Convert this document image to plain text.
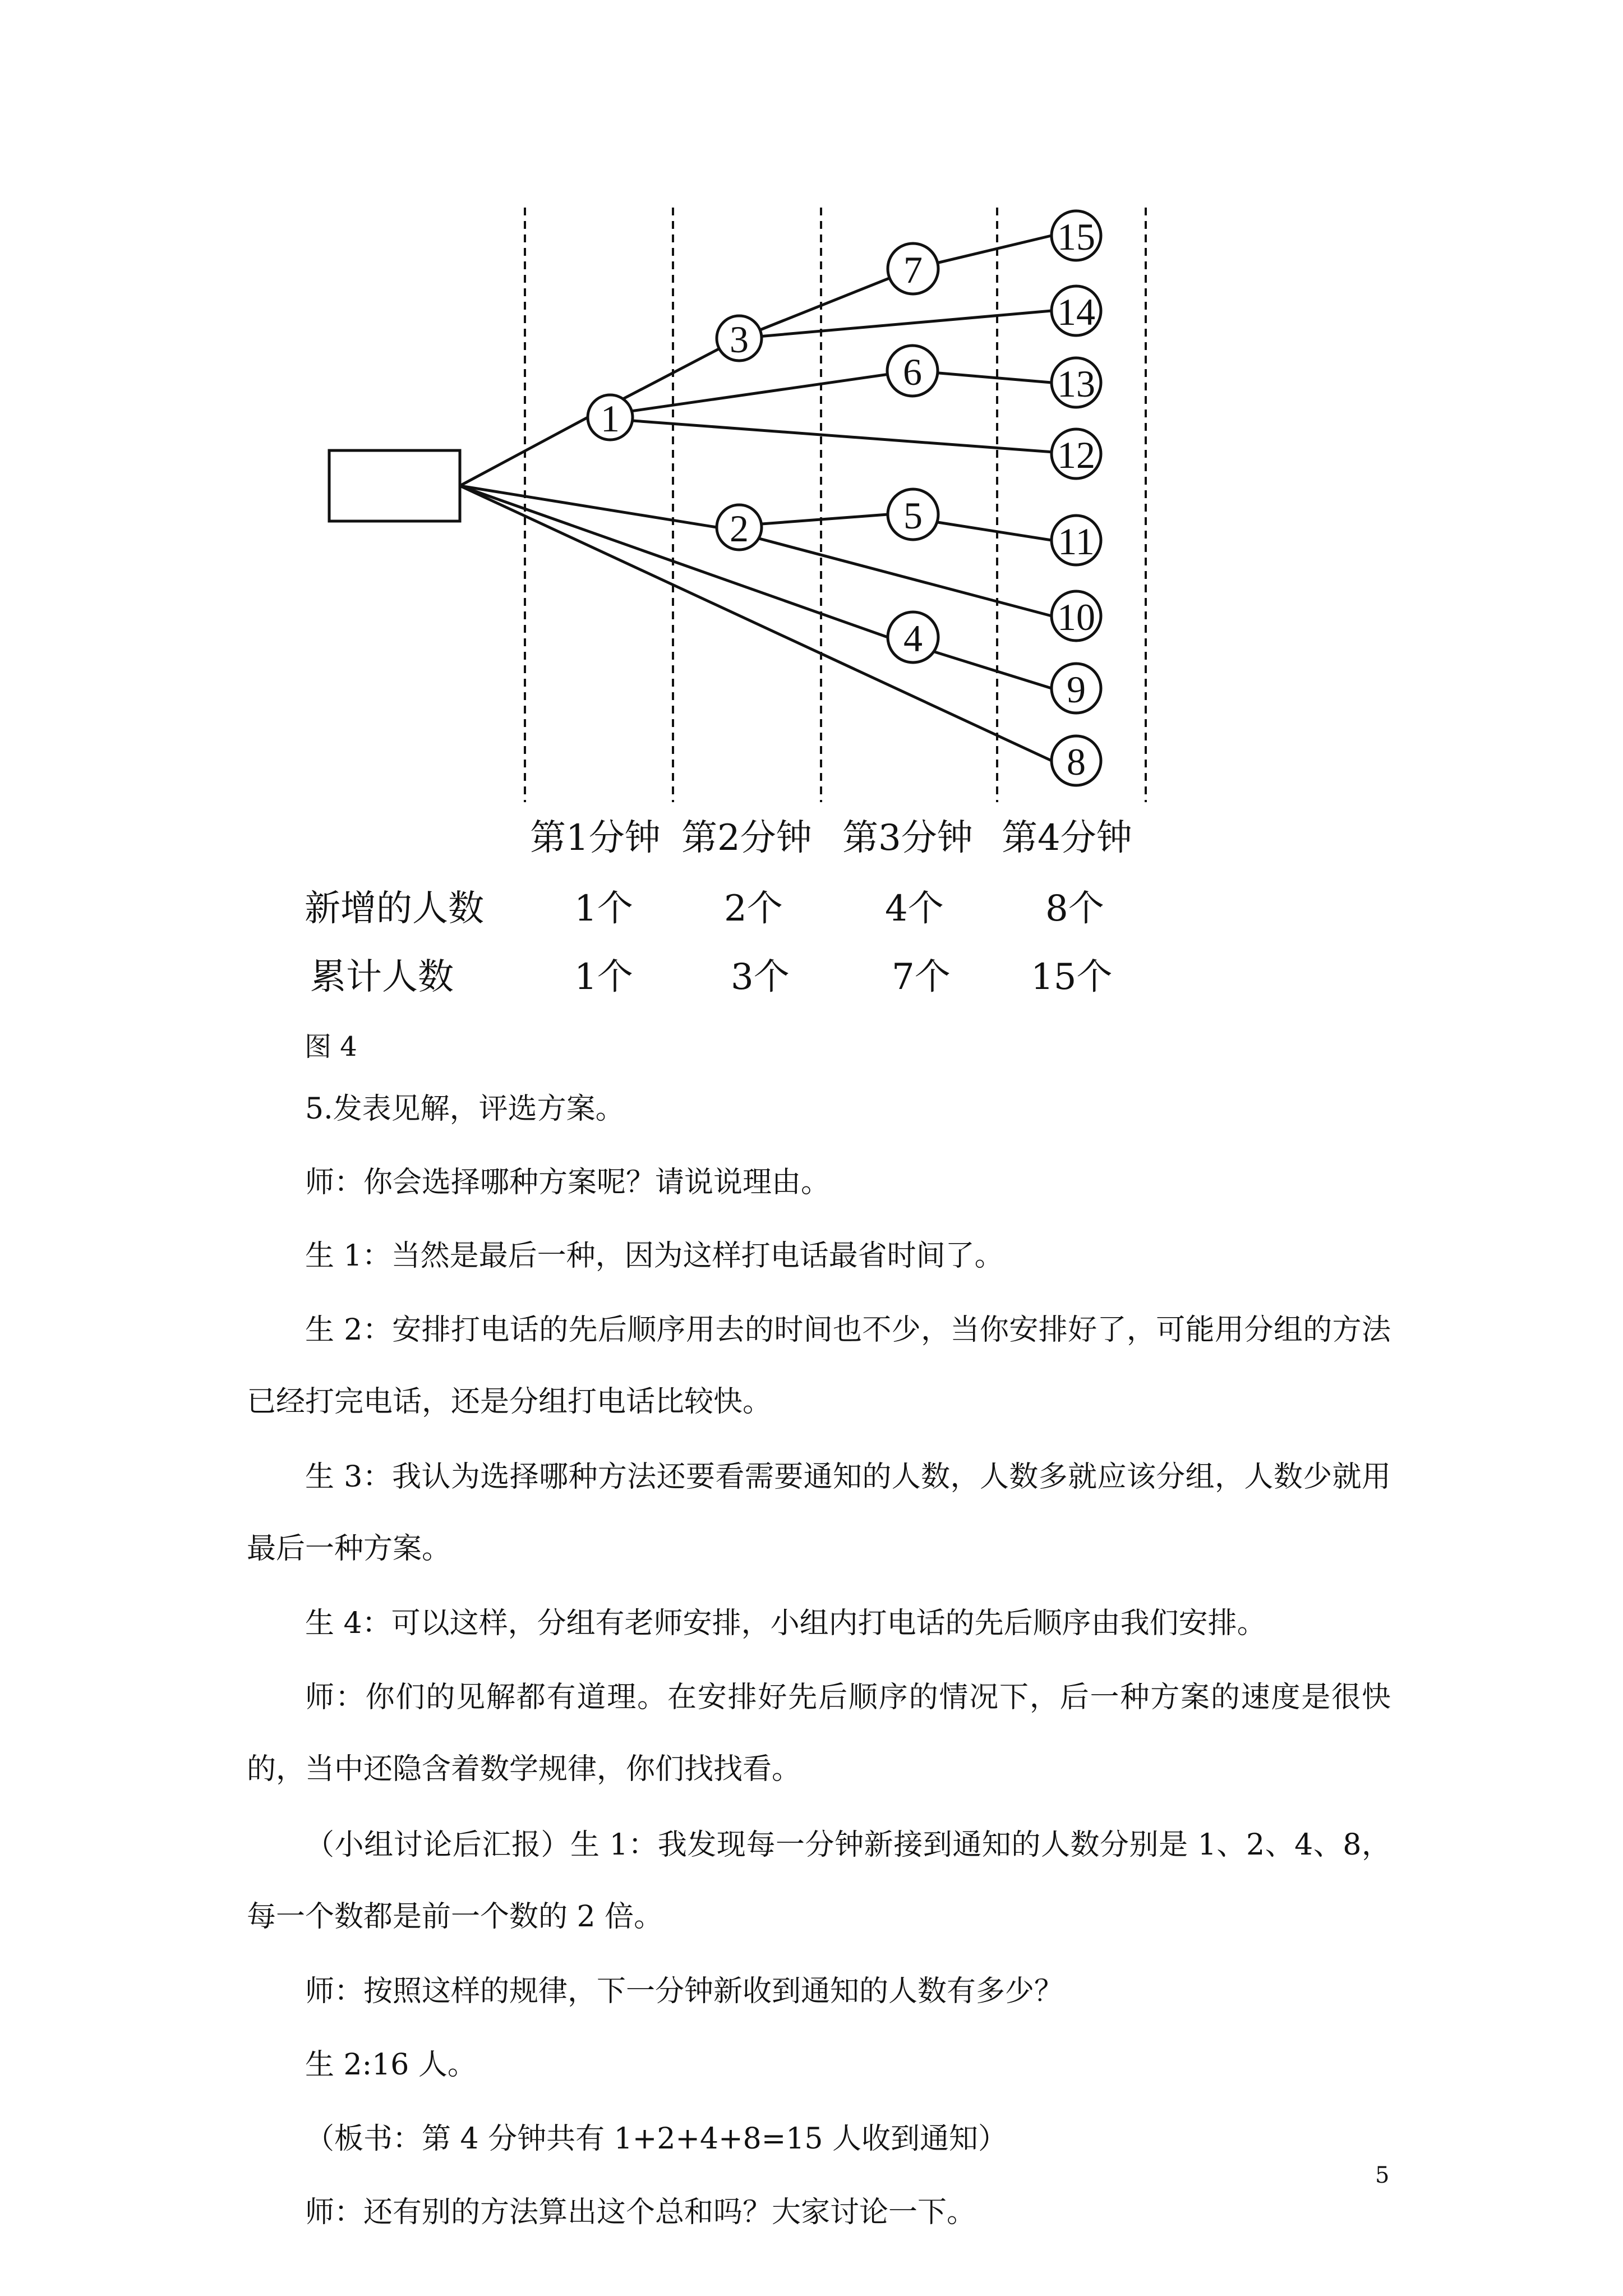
1
2
3
4
5
6
7
8
9
10
11
12
13
14
15
第1分钟 第2分钟 第3分钟 第4分钟
新增的人数	1个	2个	4个	8个
累计人数	1个	3个	7个 15个
图 4

5.发表见解，评选方案。

师：你会选择哪种方案呢？请说说理由。

生 1：当然是最后一种，因为这样打电话最省时间了。

生 2：安排打电话的先后顺序用去的时间也不少，当你安排好了，可能用分组的方法已经打完电话，还是分组打电话比较快。

生 3：我认为选择哪种方法还要看需要通知的人数，人数多就应该分组，人数少就用最后一种方案。

生 4：可以这样，分组有老师安排，小组内打电话的先后顺序由我们安排。

师：你们的见解都有道理。在安排好先后顺序的情况下，后一种方案的速度是很快的，当中还隐含着数学规律，你们找找看。

（小组讨论后汇报）生 1：我发现每一分钟新接到通知的人数分别是 1、2、4、8，每一个数都是前一个数的 2 倍。

师：按照这样的规律，下一分钟新收到通知的人数有多少？

生 2:16 人。

（板书：第 4 分钟共有 1+2+4+8=15 人收到通知）

师：还有别的方法算出这个总和吗？大家讨论一下。

5
